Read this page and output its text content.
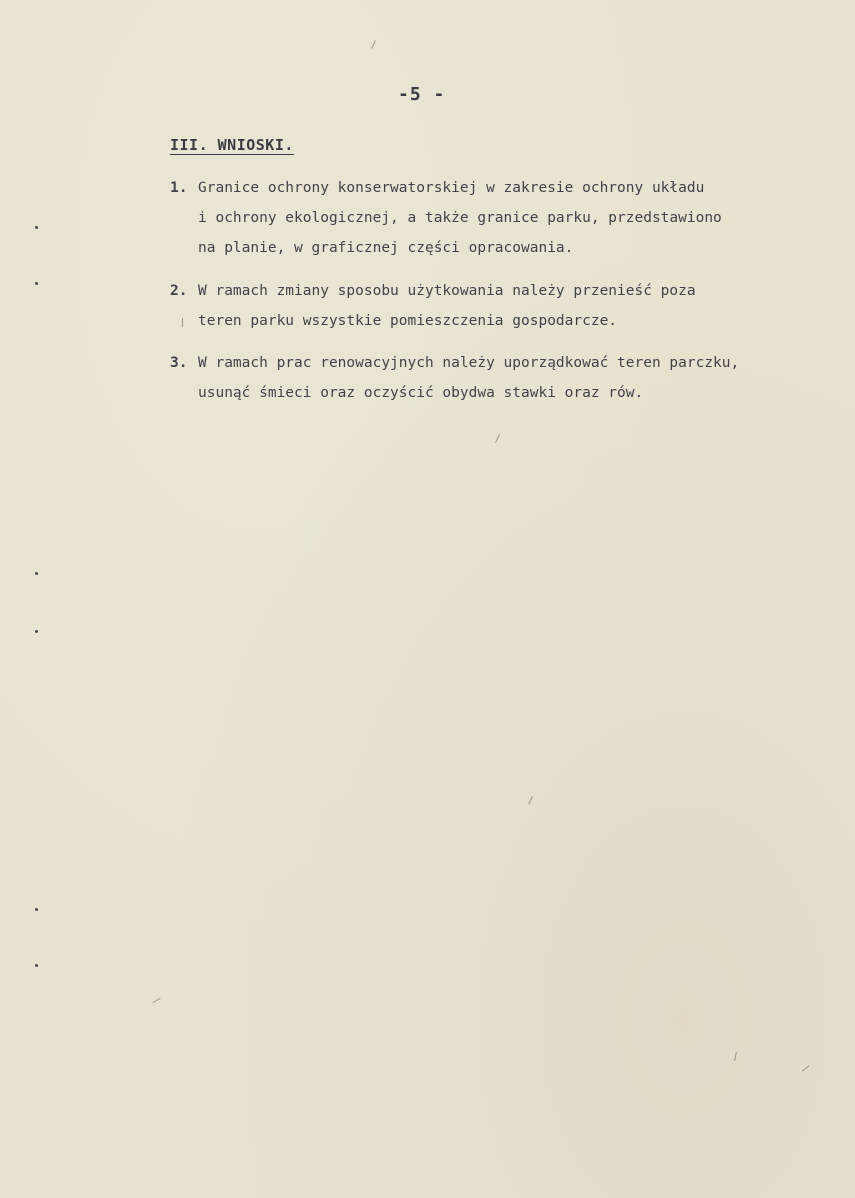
-5 -
III. WNIOSKI.
1. Granice ochrony konserwatorskiej w zakresie ochrony układu
i ochrony ekologicznej, a także granice parku, przedstawiono
na planie, w graficznej części opracowania.
2. W ramach zmiany sposobu użytkowania należy przenieść poza
teren parku wszystkie pomieszczenia gospodarcze.
3. W ramach prac renowacyjnych należy uporządkować teren parczku,
usunąć śmieci oraz oczyścić obydwa stawki oraz rów.
